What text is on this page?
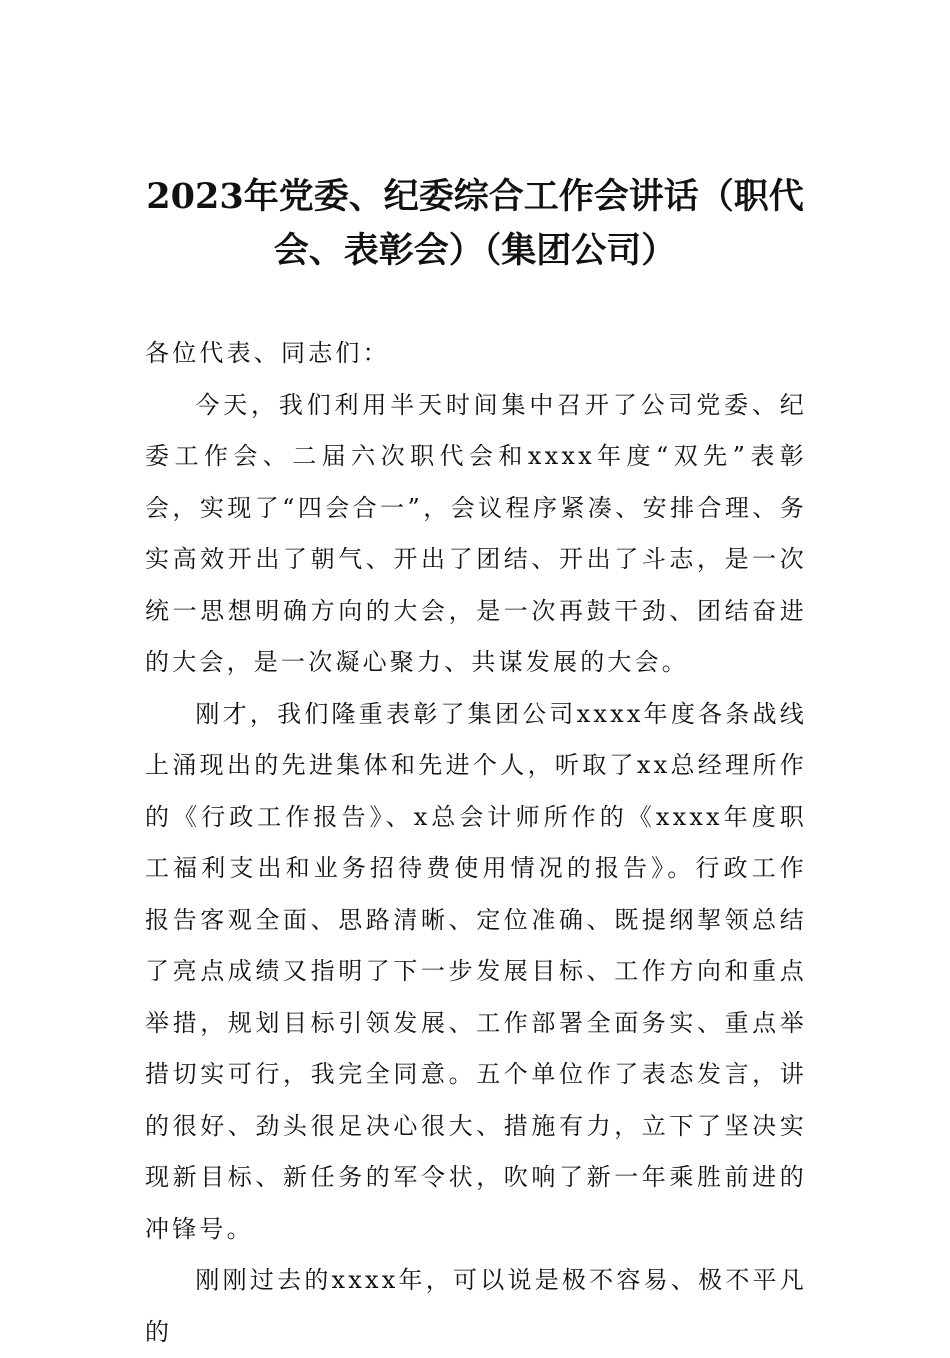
2023年党委、纪委综合工作会讲话（职代会、表彰会）（集团公司）

各位代表、同志们：

今天，我们利用半天时间集中召开了公司党委、纪委工作会、二届六次职代会和xxxx年度“双先”表彰会，实现了“四会合一”，会议程序紧凑、安排合理、务实高效开出了朝气、开出了团结、开出了斗志，是一次统一思想明确方向的大会，是一次再鼓干劲、团结奋进的大会，是一次凝心聚力、共谋发展的大会。

刚才，我们隆重表彰了集团公司xxxx年度各条战线上涌现出的先进集体和先进个人，听取了xx总经理所作的《行政工作报告》、x总会计师所作的《xxxx年度职工福利支出和业务招待费使用情况的报告》。行政工作报告客观全面、思路清晰、定位准确、既提纲挈领总结了亮点成绩又指明了下一步发展目标、工作方向和重点举措，规划目标引领发展、工作部署全面务实、重点举措切实可行，我完全同意。五个单位作了表态发言，讲的很好、劲头很足决心很大、措施有力，立下了坚决实现新目标、新任务的军令状，吹响了新一年乘胜前进的冲锋号。

刚刚过去的xxxx年，可以说是极不容易、极不平凡的
